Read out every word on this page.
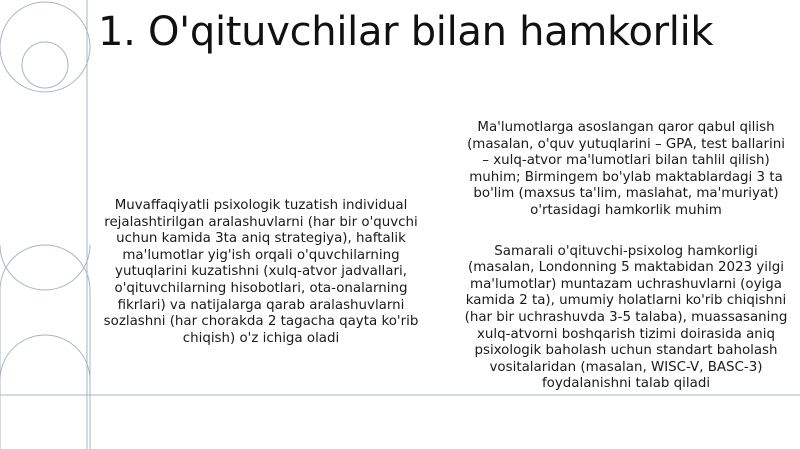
1. O'qituvchilar bilan hamkorlik
Muvaffaqiyatli psixologik tuzatish individual rejalashtirilgan aralashuvlarni (har bir o'quvchi uchun kamida 3ta aniq strategiya), haftalik ma'lumotlar yig'ish orqali o'quvchilarning yutuqlarini kuzatishni (xulq-atvor jadvallari, o'qituvchilarning hisobotlari, ota-onalarning fikrlari) va natijalarga qarab aralashuvlarni sozlashni (har chorakda 2 tagacha qayta ko'rib chiqish) o'z ichiga oladi

Ma'lumotlarga asoslangan qaror qabul qilish (masalan, o'quv yutuqlarini – GPA, test ballarini – xulq-atvor ma'lumotlari bilan tahlil qilish) muhim; Birmingem bo'ylab maktablardagi 3 ta bo'lim (maxsus ta'lim, maslahat, ma'muriyat) o'rtasidagi hamkorlik muhim

Samarali o'qituvchi-psixolog hamkorligi (masalan, Londonning 5 maktabidan 2023 yilgi ma'lumotlar) muntazam uchrashuvlarni (oyiga kamida 2 ta), umumiy holatlarni ko'rib chiqishni (har bir uchrashuvda 3-5 talaba), muassasaning xulq-atvorni boshqarish tizimi doirasida aniq psixologik baholash uchun standart baholash vositalaridan (masalan, WISC-V, BASC-3) foydalanishni talab qiladi
